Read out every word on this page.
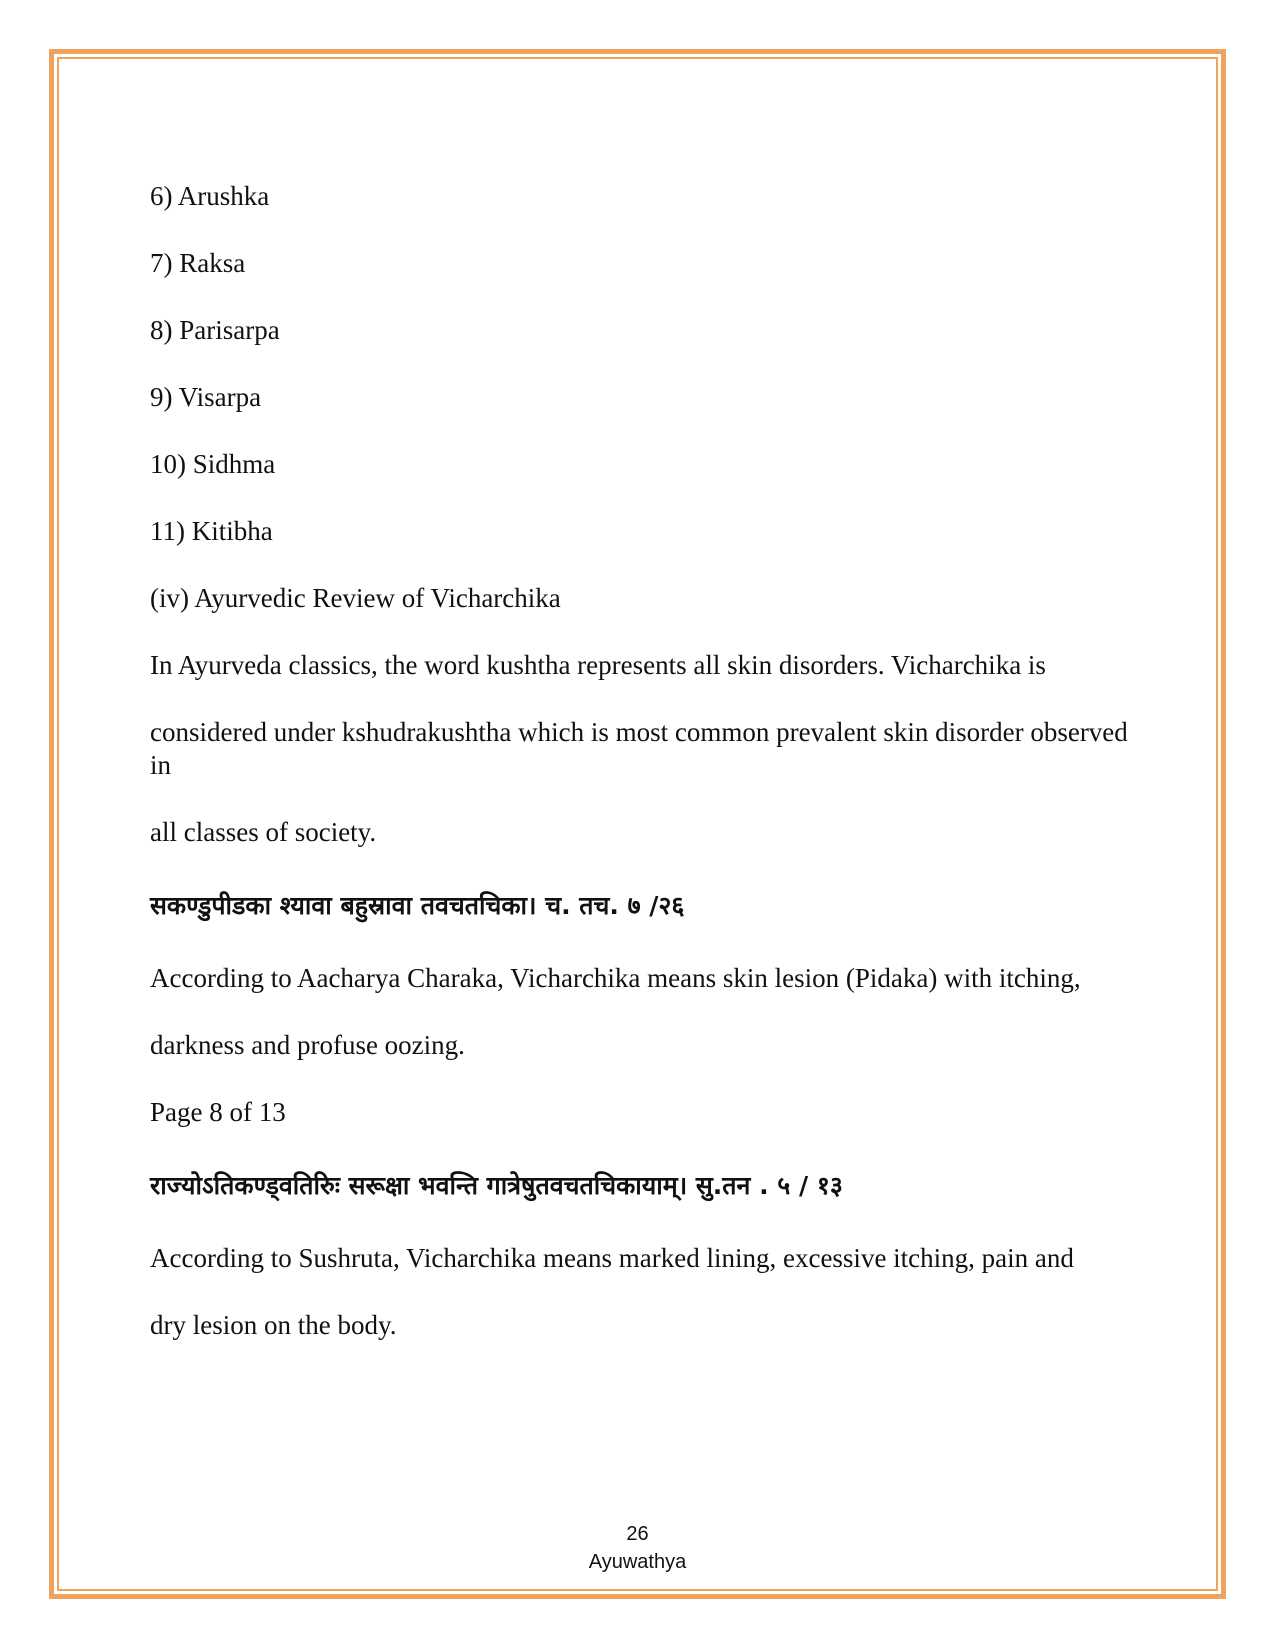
6) Arushka

7) Raksa

8) Parisarpa

9) Visarpa

10) Sidhma

11) Kitibha

(iv) Ayurvedic Review of Vicharchika

In Ayurveda classics, the word kushtha represents all skin disorders. Vicharchika is

considered under kshudrakushtha which is most common prevalent skin disorder observed in

all classes of society.

सकण्डुपीडका श्यावा बहुस्रावा तवचतचिका। च. तच. ७ /२६

According to Aacharya Charaka, Vicharchika means skin lesion (Pidaka) with itching,

darkness and profuse oozing.

Page 8 of 13

राज्योऽतिकण्ड्वतिरुिः सरूक्षा भवन्ति गात्रेषुतवचतचिकायाम्। सु.तन . ५ / १३

According to Sushruta, Vicharchika means marked lining, excessive itching, pain and

dry lesion on the body.

26
Ayuwathya
